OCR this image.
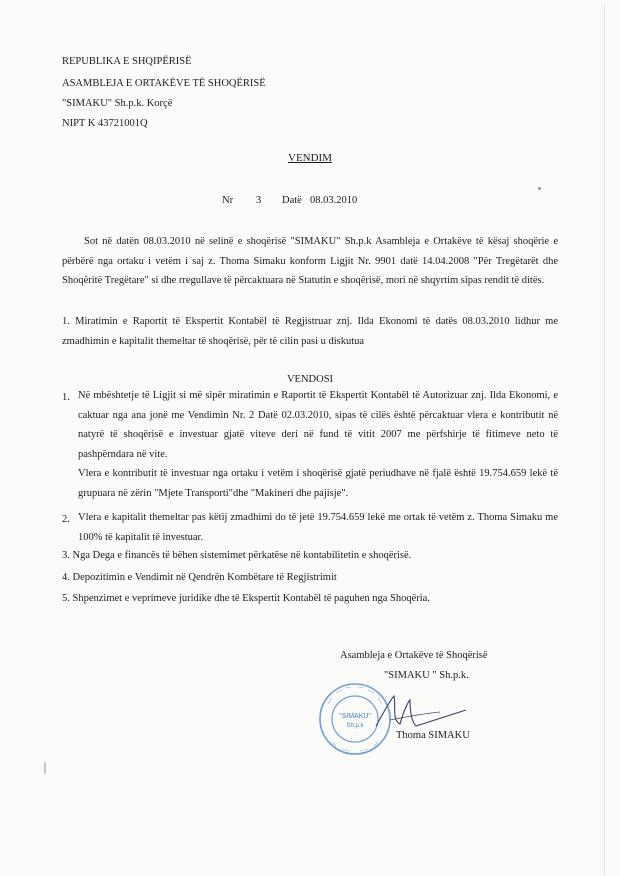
REPUBLIKA E SHQIPËRISË
ASAMBLEJA E ORTAKËVE TË SHOQËRISË
"SIMAKU" Sh.p.k. Korçë
NIPT K 43721001Q
VENDIM
Nr 3 Datë 08.03.2010
Sot në datën 08.03.2010 në selinë e shoqërisë "SIMAKU" Sh.p.k Asambleja e Ortakëve të kësaj shoqërie e përbërë nga ortaku i vetëm i saj z. Thoma Simaku konform Ligjit Nr. 9901 datë 14.04.2008 "Për Tregëtarët dhe Shoqëritë Tregëtare" si dhe rregullave të përcaktuara në Statutin e shoqërisë, mori në shqyrtim sipas rendit të ditës.
1. Miratimin e Raportit të Ekspertit Kontabël të Regjistruar znj. Ilda Ekonomi të datës 08.03.2010 lidhur me zmadhimin e kapitalit themeltar të shoqërisë, për të cilin pasi u diskutua
VENDOSI
1. Në mbështetje të Ligjit si më sipër miratimin e Raportit të Ekspertit Kontabël të Autorizuar znj. Ilda Ekonomi, e caktuar nga ana jonë me Vendimin Nr. 2 Datë 02.03.2010, sipas të cilës është përcaktuar vlera e kontributit në natyrë të shoqërisë e investuar gjatë viteve deri në fund të vitit 2007 me përfshirje të fitimeve neto të pashpërndara në vite.
Vlera e kontributit të investuar nga ortaku i vetëm i shoqërisë gjatë periudhave në fjalë është 19.754.659 lekë të grupuara në zërin "Mjete Transporti"dhe "Makineri dhe pajisje".
2. Vlera e kapitalit themeltar pas këtij zmadhimi do të jetë 19.754.659 lekë me ortak të vetëm z. Thoma Simaku me 100% të kapitalit të investuar.
3. Nga Dega e financës të bëhen sistemimet përkatëse në kontabilitetin e shoqërisë.
4. Depozitimin e Vendimit në Qendrën Kombëtare të Regjistrimit
5. Shpenzimet e veprimeve juridike dhe të Ekspertit Kontabël të paguhen nga Shoqëria.
Asambleja e Ortakëve të Shoqërisë
"SIMAKU " Sh.p.k.
"SIMAKU"
Sh.p.k
Thoma SIMAKU
